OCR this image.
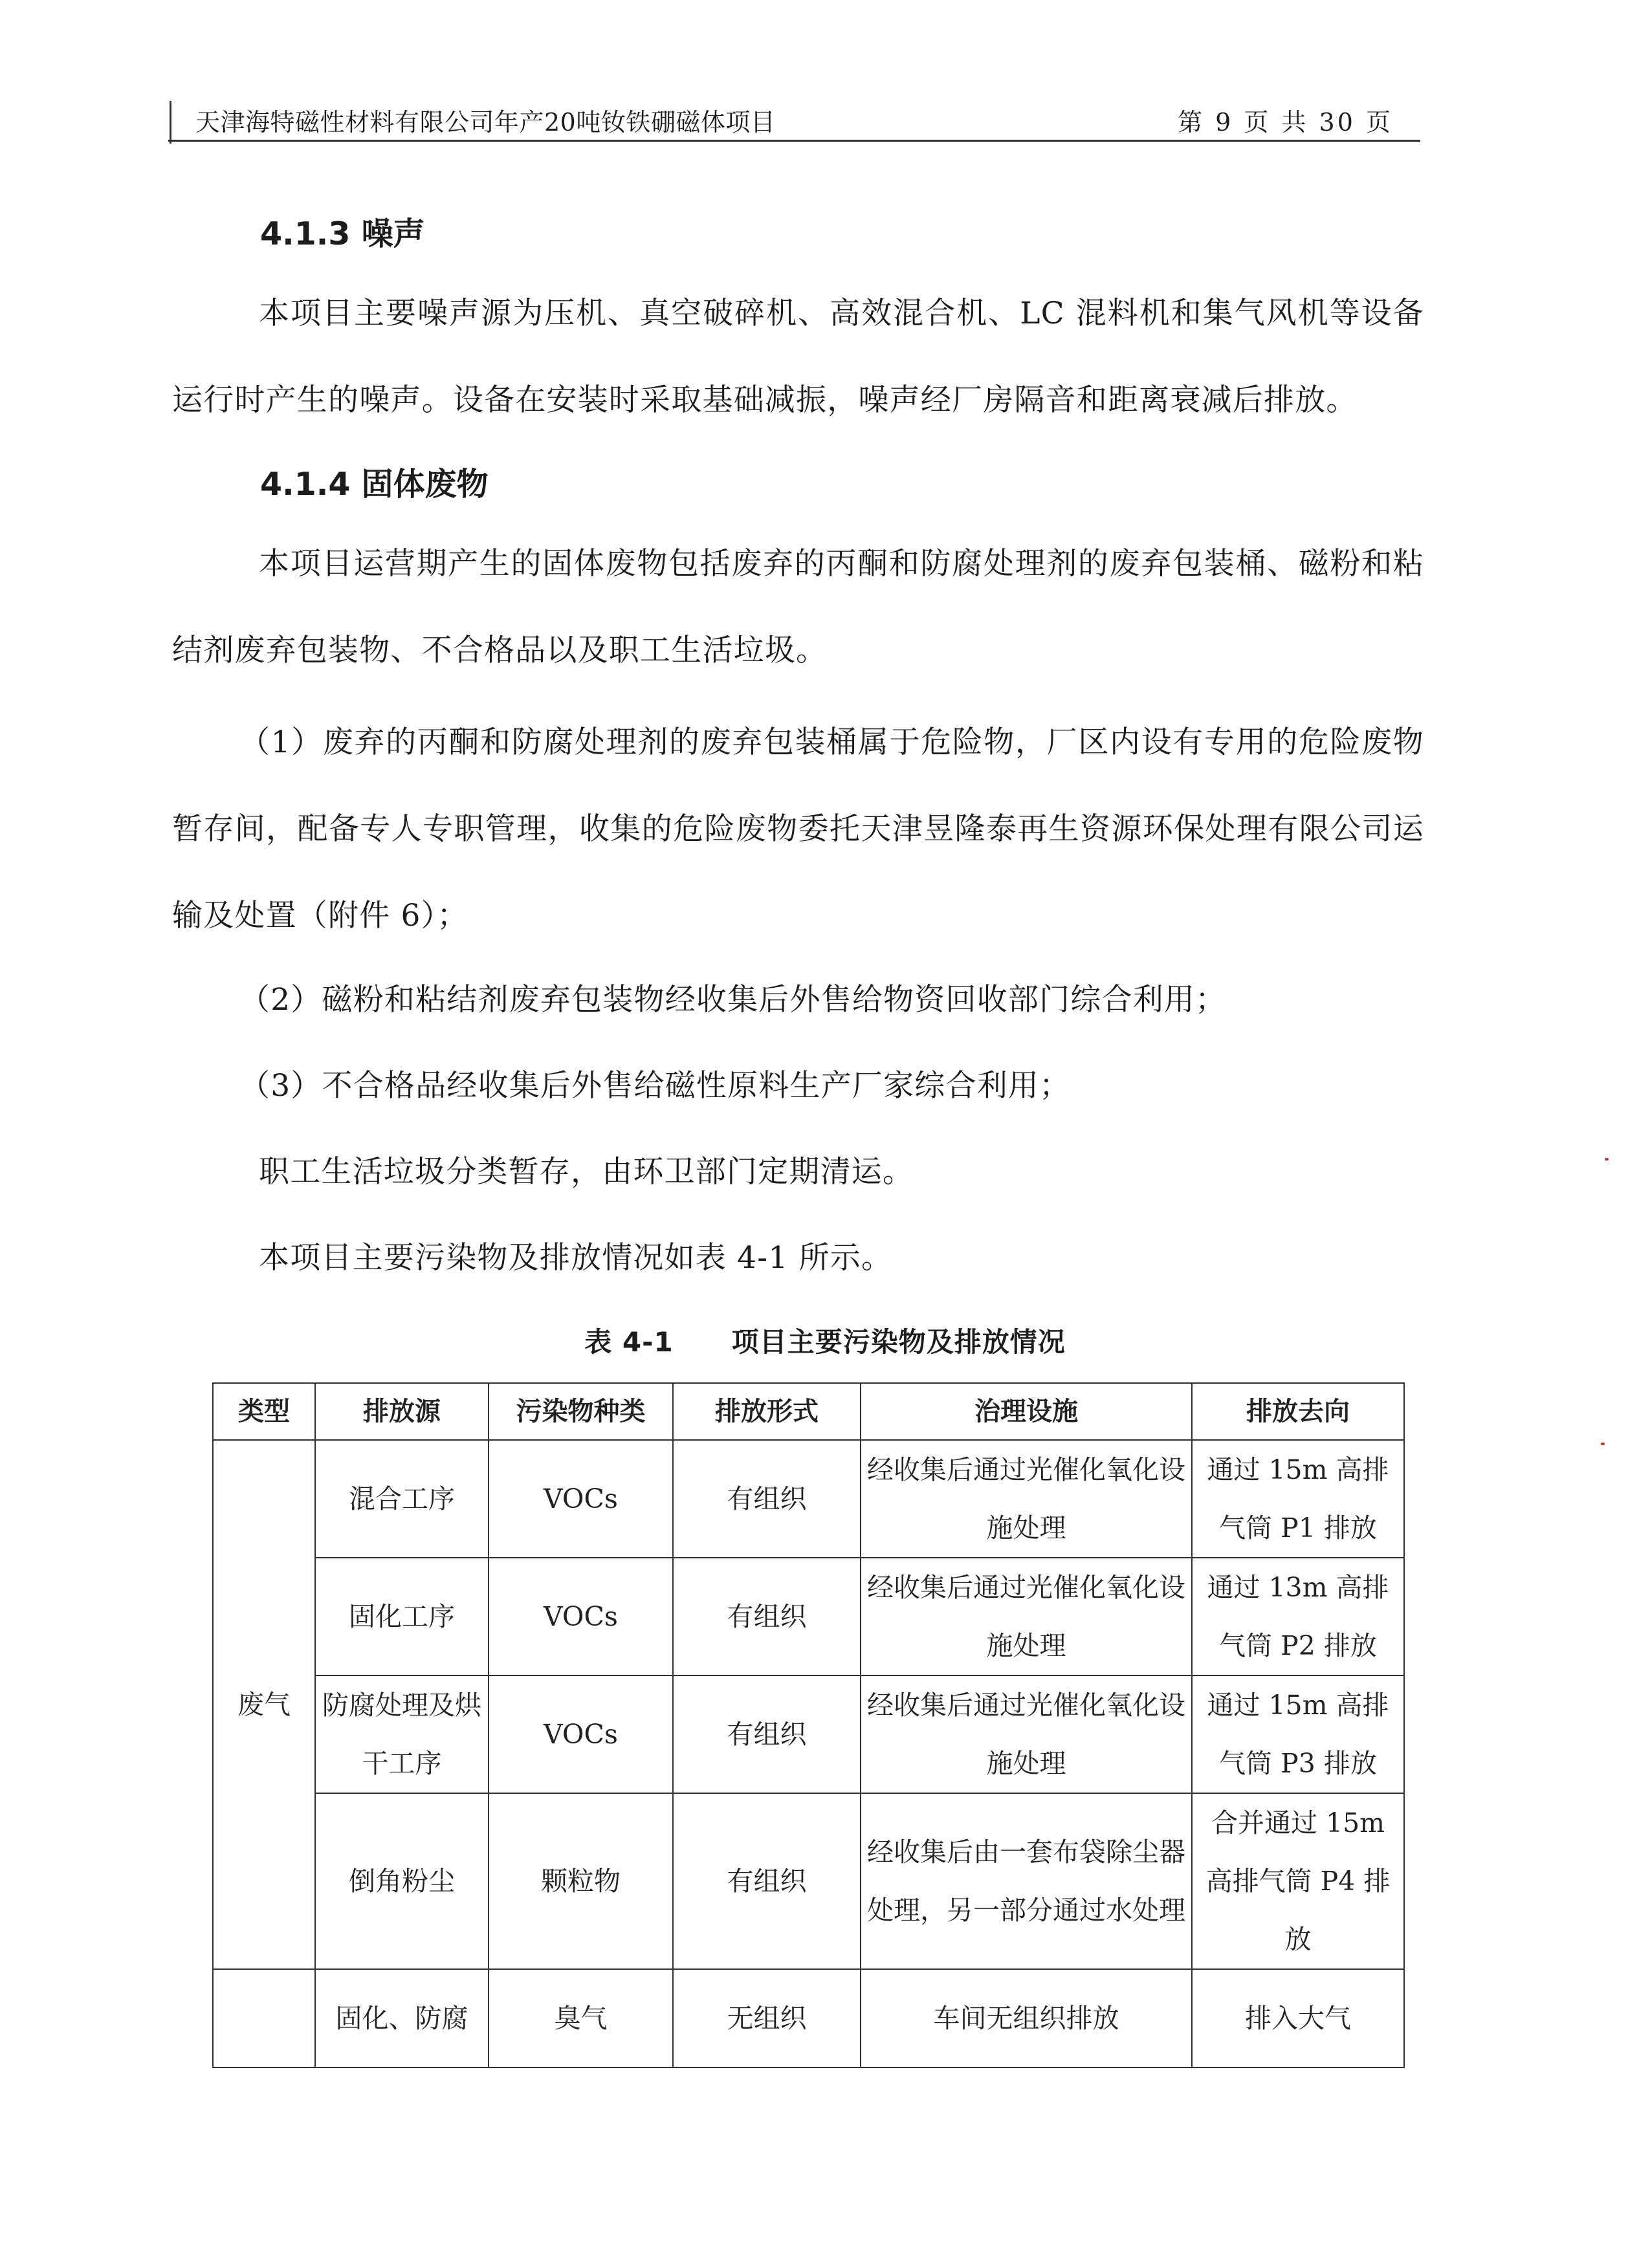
天津海特磁性材料有限公司年产20吨钕铁硼磁体项目	第 9 页 共 30 页
4.1.3 噪声

本项目主要噪声源为压机、真空破碎机、高效混合机、LC 混料机和集气风机等设备运行时产生的噪声。设备在安装时采取基础减振，噪声经厂房隔音和距离衰减后排放。

4.1.4 固体废物

本项目运营期产生的固体废物包括废弃的丙酮和防腐处理剂的废弃包装桶、磁粉和粘结剂废弃包装物、不合格品以及职工生活垃圾。

（1）废弃的丙酮和防腐处理剂的废弃包装桶属于危险物，厂区内设有专用的危险废物暂存间，配备专人专职管理，收集的危险废物委托天津昱隆泰再生资源环保处理有限公司运输及处置（附件 6）；

（2）磁粉和粘结剂废弃包装物经收集后外售给物资回收部门综合利用；

（3）不合格品经收集后外售给磁性原料生产厂家综合利用；

职工生活垃圾分类暂存，由环卫部门定期清运。

本项目主要污染物及排放情况如表 4-1 所示。

表 4-1 项目主要污染物及排放情况
类型	排放源	污染物种类	排放形式	治理设施	排放去向
废气	混合工序	VOCs	有组织	经收集后通过光催化氧化设施处理	通过 15m 高排气筒 P1 排放
	固化工序	VOCs	有组织	经收集后通过光催化氧化设施处理	通过 13m 高排气筒 P2 排放
	防腐处理及烘干工序	VOCs	有组织	经收集后通过光催化氧化设施处理	通过 15m 高排气筒 P3 排放
	倒角粉尘	颗粒物	有组织	经收集后由一套布袋除尘器处理，另一部分通过水处理	合并通过 15m 高排气筒 P4 排放
	固化、防腐	臭气	无组织	车间无组织排放	排入大气
